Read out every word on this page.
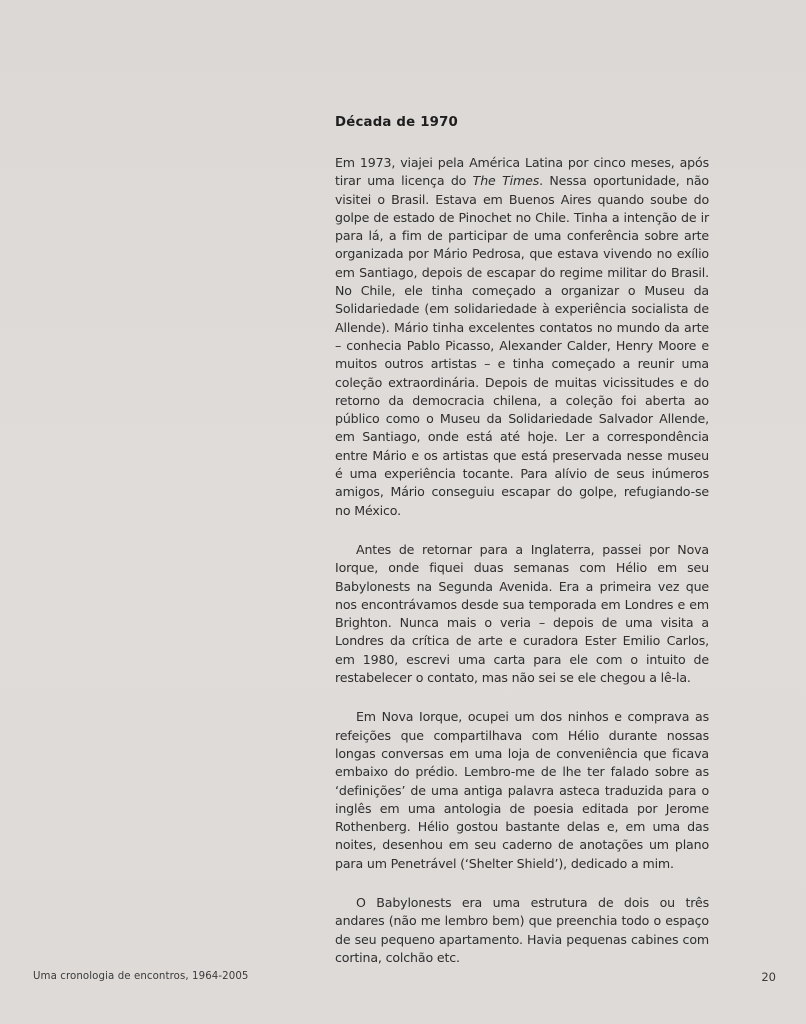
Década de 1970

Em 1973, viajei pela América Latina por cinco meses, após tirar uma licença do The Times. Nessa oportunidade, não visitei o Brasil. Estava em Buenos Aires quando soube do golpe de estado de Pinochet no Chile. Tinha a intenção de ir para lá, a fim de participar de uma conferência sobre arte organizada por Mário Pedrosa, que estava vivendo no exílio em Santiago, depois de escapar do regime militar do Brasil. No Chile, ele tinha começado a organizar o Museu da Solidariedade (em solidariedade à experiência socialista de Allende). Mário tinha excelentes contatos no mundo da arte – conhecia Pablo Picasso, Alexander Calder, Henry Moore e muitos outros artistas – e tinha começado a reunir uma coleção extraordinária. Depois de muitas vicissitudes e do retorno da democracia chilena, a coleção foi aberta ao público como o Museu da Solidariedade Salvador Allende, em Santiago, onde está até hoje. Ler a correspondência entre Mário e os artistas que está preservada nesse museu é uma experiência tocante. Para alívio de seus inúmeros amigos, Mário conseguiu escapar do golpe, refugiando-se no México.

Antes de retornar para a Inglaterra, passei por Nova Iorque, onde fiquei duas semanas com Hélio em seu Babylonests na Segunda Avenida. Era a primeira vez que nos encontrávamos desde sua temporada em Londres e em Brighton. Nunca mais o veria – depois de uma visita a Londres da crítica de arte e curadora Ester Emilio Carlos, em 1980, escrevi uma carta para ele com o intuito de restabelecer o contato, mas não sei se ele chegou a lê-la.

Em Nova Iorque, ocupei um dos ninhos e comprava as refeições que compartilhava com Hélio durante nossas longas conversas em uma loja de conveniência que ficava embaixo do prédio. Lembro-me de lhe ter falado sobre as ‘definições’ de uma antiga palavra asteca traduzida para o inglês em uma antologia de poesia editada por Jerome Rothenberg. Hélio gostou bastante delas e, em uma das noites, desenhou em seu caderno de anotações um plano para um Penetrável (‘Shelter Shield’), dedicado a mim.

O Babylonests era uma estrutura de dois ou três andares (não me lembro bem) que preenchia todo o espaço de seu pequeno apartamento. Havia pequenas cabines com cortina, colchão etc.

Uma cronologia de encontros, 1964-2005	20
